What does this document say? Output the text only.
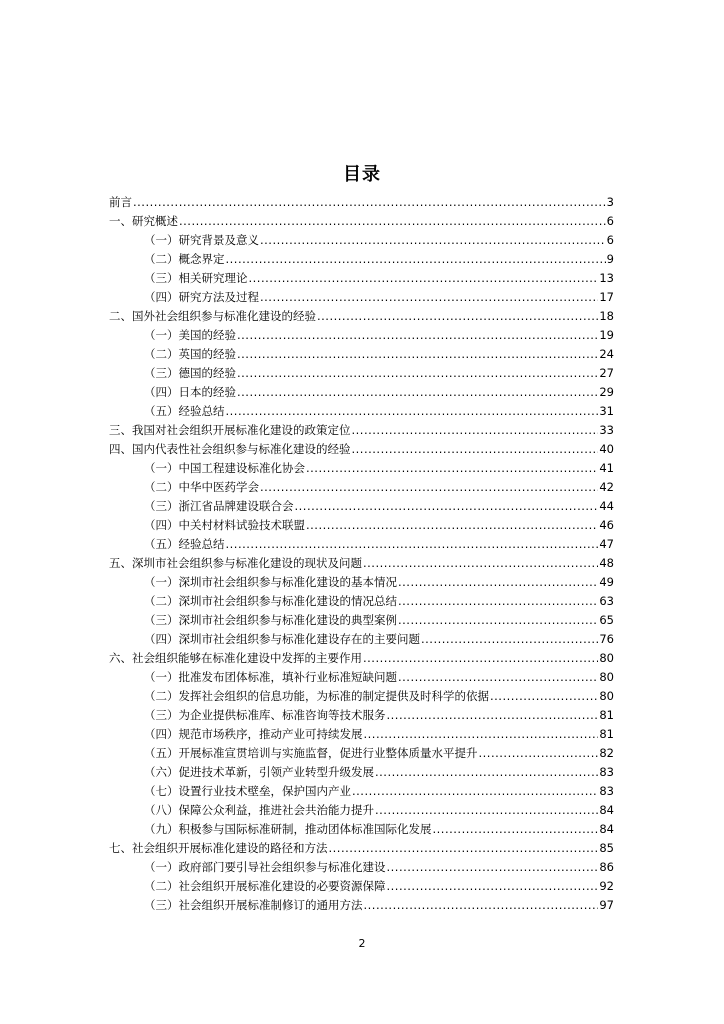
目录
前言 .....	3
一、研究概述 .....	6
（一）研究背景及意义 .....	6
（二）概念界定 .....	9
（三）相关研究理论 .....	13
（四）研究方法及过程 .....	17
二、国外社会组织参与标准化建设的经验 .....	18
（一）美国的经验 .....	19
（二）英国的经验 .....	24
（三）德国的经验 .....	27
（四）日本的经验 .....	29
（五）经验总结 .....	31
三、我国对社会组织开展标准化建设的政策定位 .....	33
四、国内代表性社会组织参与标准化建设的经验 .....	40
（一）中国工程建设标准化协会 .....	41
（二）中华中医药学会 .....	42
（三）浙江省品牌建设联合会 .....	44
（四）中关村材料试验技术联盟 .....	46
（五）经验总结 .....	47
五、深圳市社会组织参与标准化建设的现状及问题 .....	48
（一）深圳市社会组织参与标准化建设的基本情况 .....	49
（二）深圳市社会组织参与标准化建设的情况总结 .....	63
（三）深圳市社会组织参与标准化建设的典型案例 .....	65
（四）深圳市社会组织参与标准化建设存在的主要问题 .....	76
六、社会组织能够在标准化建设中发挥的主要作用 .....	80
（一）批准发布团体标准，填补行业标准短缺问题 .....	80
（二）发挥社会组织的信息功能，为标准的制定提供及时科学的依据 .....	80
（三）为企业提供标准库、标准咨询等技术服务 .....	81
（四）规范市场秩序，推动产业可持续发展 .....	81
（五）开展标准宣贯培训与实施监督，促进行业整体质量水平提升 .....	82
（六）促进技术革新，引领产业转型升级发展 .....	83
（七）设置行业技术壁垒，保护国内产业 .....	83
（八）保障公众利益，推进社会共治能力提升 .....	84
（九）积极参与国际标准研制，推动团体标准国际化发展 .....	84
七、社会组织开展标准化建设的路径和方法 .....	85
（一）政府部门要引导社会组织参与标准化建设 .....	86
（二）社会组织开展标准化建设的必要资源保障 .....	92
（三）社会组织开展标准制修订的通用方法 .....	97
2
